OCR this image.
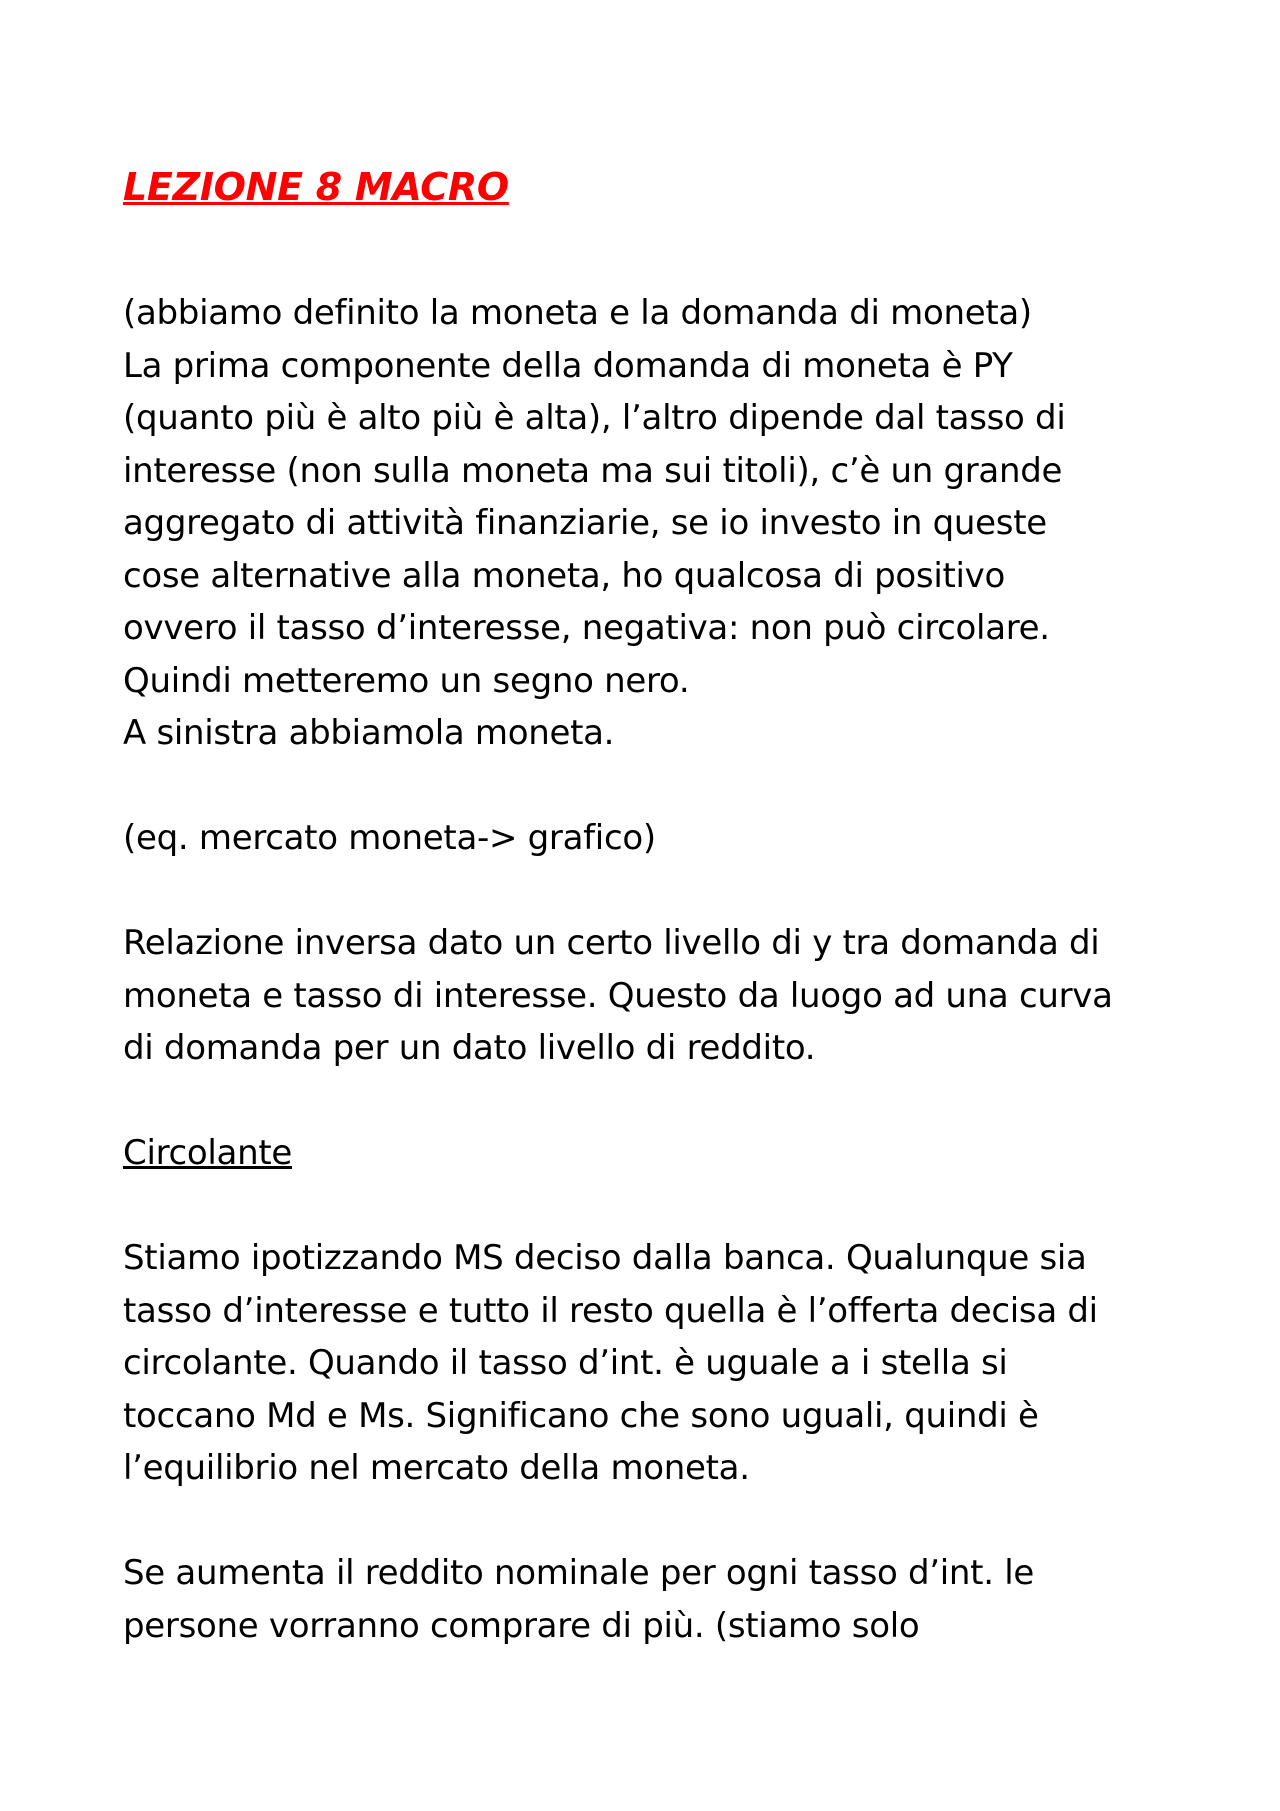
LEZIONE 8 MACRO
(abbiamo definito la moneta e la domanda di moneta)
La prima componente della domanda di moneta è PY
(quanto più è alto più è alta), l’altro dipende dal tasso di
interesse (non sulla moneta ma sui titoli), c’è un grande
aggregato di attività finanziarie, se io investo in queste
cose alternative alla moneta, ho qualcosa di positivo
ovvero il tasso d’interesse, negativa: non può circolare.
Quindi metteremo un segno nero.
A sinistra abbiamola moneta.
(eq. mercato moneta-> grafico)
Relazione inversa dato un certo livello di y tra domanda di
moneta e tasso di interesse. Questo da luogo ad una curva
di domanda per un dato livello di reddito.
Circolante
Stiamo ipotizzando MS deciso dalla banca. Qualunque sia
tasso d’interesse e tutto il resto quella è l’offerta decisa di
circolante. Quando il tasso d’int. è uguale a i stella si
toccano Md e Ms. Significano che sono uguali, quindi è
l’equilibrio nel mercato della moneta.
Se aumenta il reddito nominale per ogni tasso d’int. le
persone vorranno comprare di più. (stiamo solo
